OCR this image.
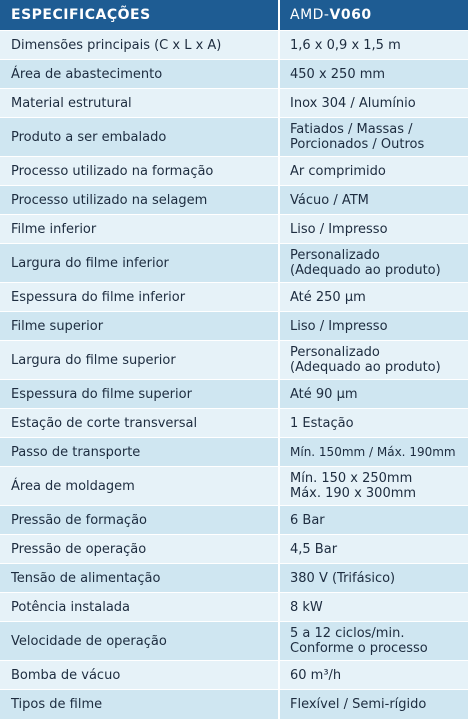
ESPECIFICAÇÕES	AMD- V060
Dimensões principais (C x L x A)	1,6 x 0,9 x 1,5 m
Área de abastecimento	450 x 250 mm
Material estrutural	Inox 304 / Alumínio
Produto a ser embalado	Fatiados / Massas /
Porcionados / Outros
Processo utilizado na formação	Ar comprimido
Processo utilizado na selagem	Vácuo / ATM
Filme inferior	Liso / Impresso
Largura do filme inferior	Personalizado
(Adequado ao produto)
Espessura do filme inferior	Até 250 µm
Filme superior	Liso / Impresso
Largura do filme superior	Personalizado
(Adequado ao produto)
Espessura do filme superior	Até 90 µm
Estação de corte transversal	1 Estação
Passo de transporte	Mín. 150mm / Máx. 190mm
Área de moldagem	Mín. 150 x 250mm
Máx. 190 x 300mm
Pressão de formação	6 Bar
Pressão de operação	4,5 Bar
Tensão de alimentação	380 V (Trifásico)
Potência instalada	8 kW
Velocidade de operação	5 a 12 ciclos/min.
Conforme o processo
Bomba de vácuo	60 m³/h
Tipos de filme	Flexível / Semi-rígido
